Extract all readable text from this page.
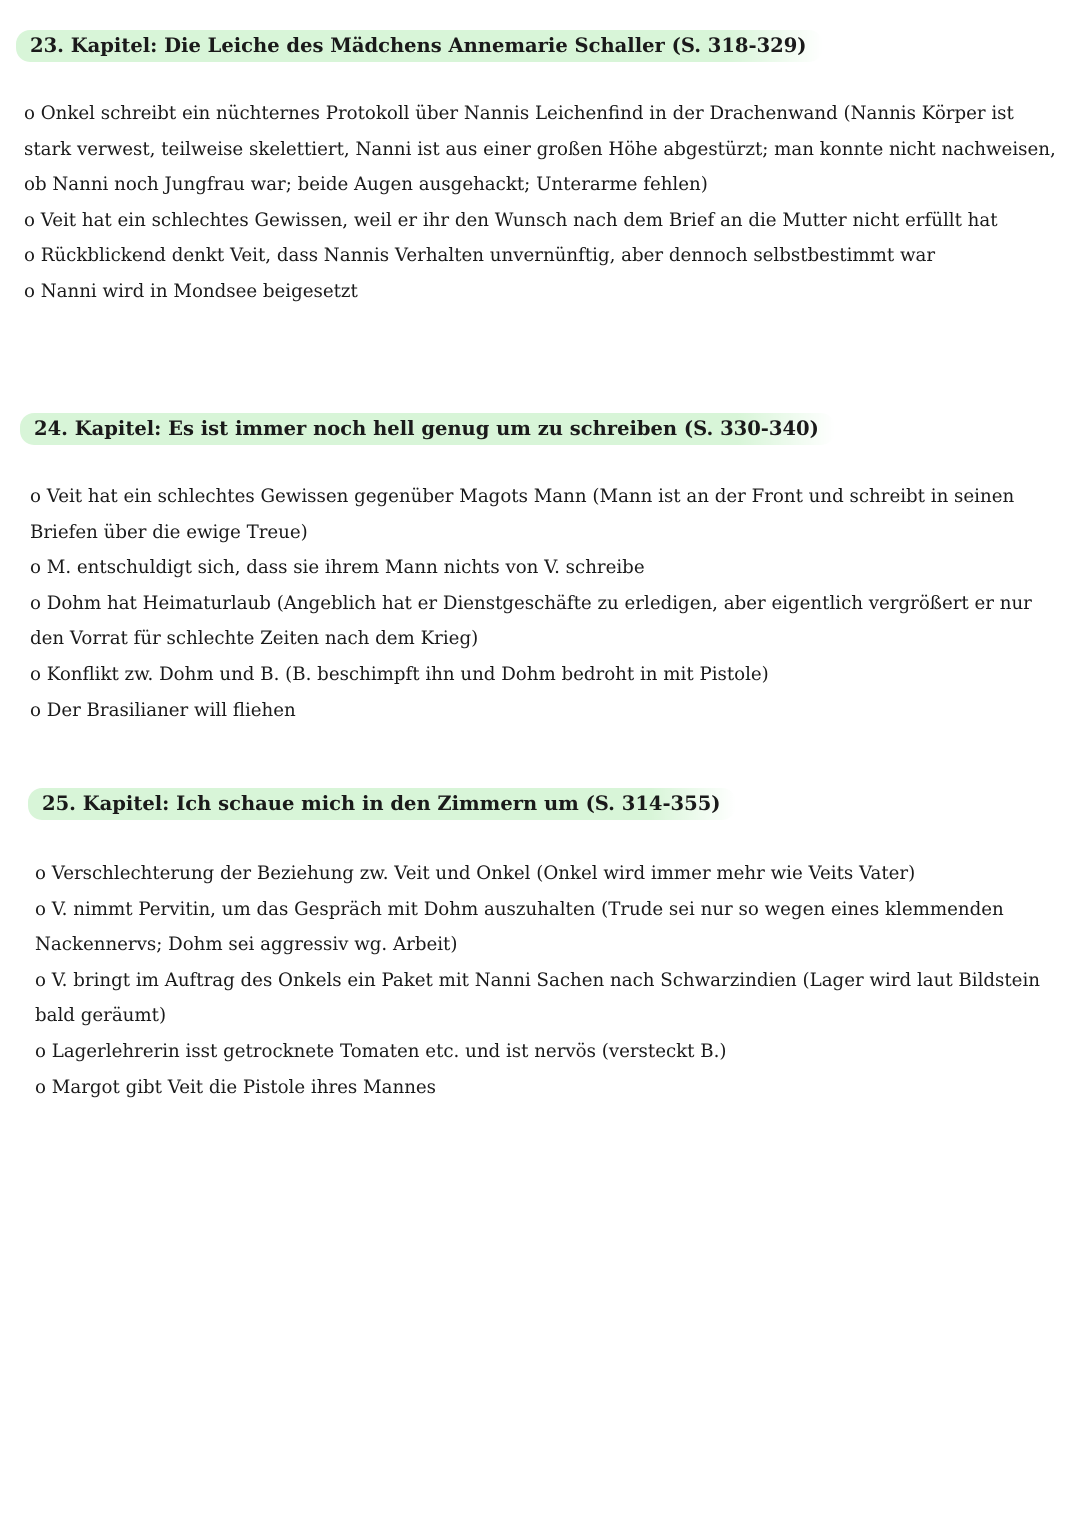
23. Kapitel: Die Leiche des Mädchens Annemarie Schaller (S. 318-329)
o Onkel schreibt ein nüchternes Protokoll über Nannis Leichenfind in der Drachenwand (Nannis Körper ist stark verwest, teilweise skelettiert, Nanni ist aus einer großen Höhe abgestürzt; man konnte nicht nachweisen, ob Nanni noch Jungfrau war; beide Augen ausgehackt; Unterarme fehlen)
o Veit hat ein schlechtes Gewissen, weil er ihr den Wunsch nach dem Brief an die Mutter nicht erfüllt hat
o Rückblickend denkt Veit, dass Nannis Verhalten unvernünftig, aber dennoch selbstbestimmt war
o Nanni wird in Mondsee beigesetzt
24. Kapitel: Es ist immer noch hell genug um zu schreiben (S. 330-340)
o Veit hat ein schlechtes Gewissen gegenüber Magots Mann (Mann ist an der Front und schreibt in seinen Briefen über die ewige Treue)
o M. entschuldigt sich, dass sie ihrem Mann nichts von V. schreibe
o Dohm hat Heimaturlaub (Angeblich hat er Dienstgeschäfte zu erledigen, aber eigentlich vergrößert er nur den Vorrat für schlechte Zeiten nach dem Krieg)
o Konflikt zw. Dohm und B. (B. beschimpft ihn und Dohm bedroht in mit Pistole)
o Der Brasilianer will fliehen
25. Kapitel: Ich schaue mich in den Zimmern um (S. 314-355)
o Verschlechterung der Beziehung zw. Veit und Onkel (Onkel wird immer mehr wie Veits Vater)
o V. nimmt Pervitin, um das Gespräch mit Dohm auszuhalten (Trude sei nur so wegen eines klemmenden Nackennervs; Dohm sei aggressiv wg. Arbeit)
o V. bringt im Auftrag des Onkels ein Paket mit Nanni Sachen nach Schwarzindien (Lager wird laut Bildstein bald geräumt)
o Lagerlehrerin isst getrocknete Tomaten etc. und ist nervös (versteckt B.)
o Margot gibt Veit die Pistole ihres Mannes
